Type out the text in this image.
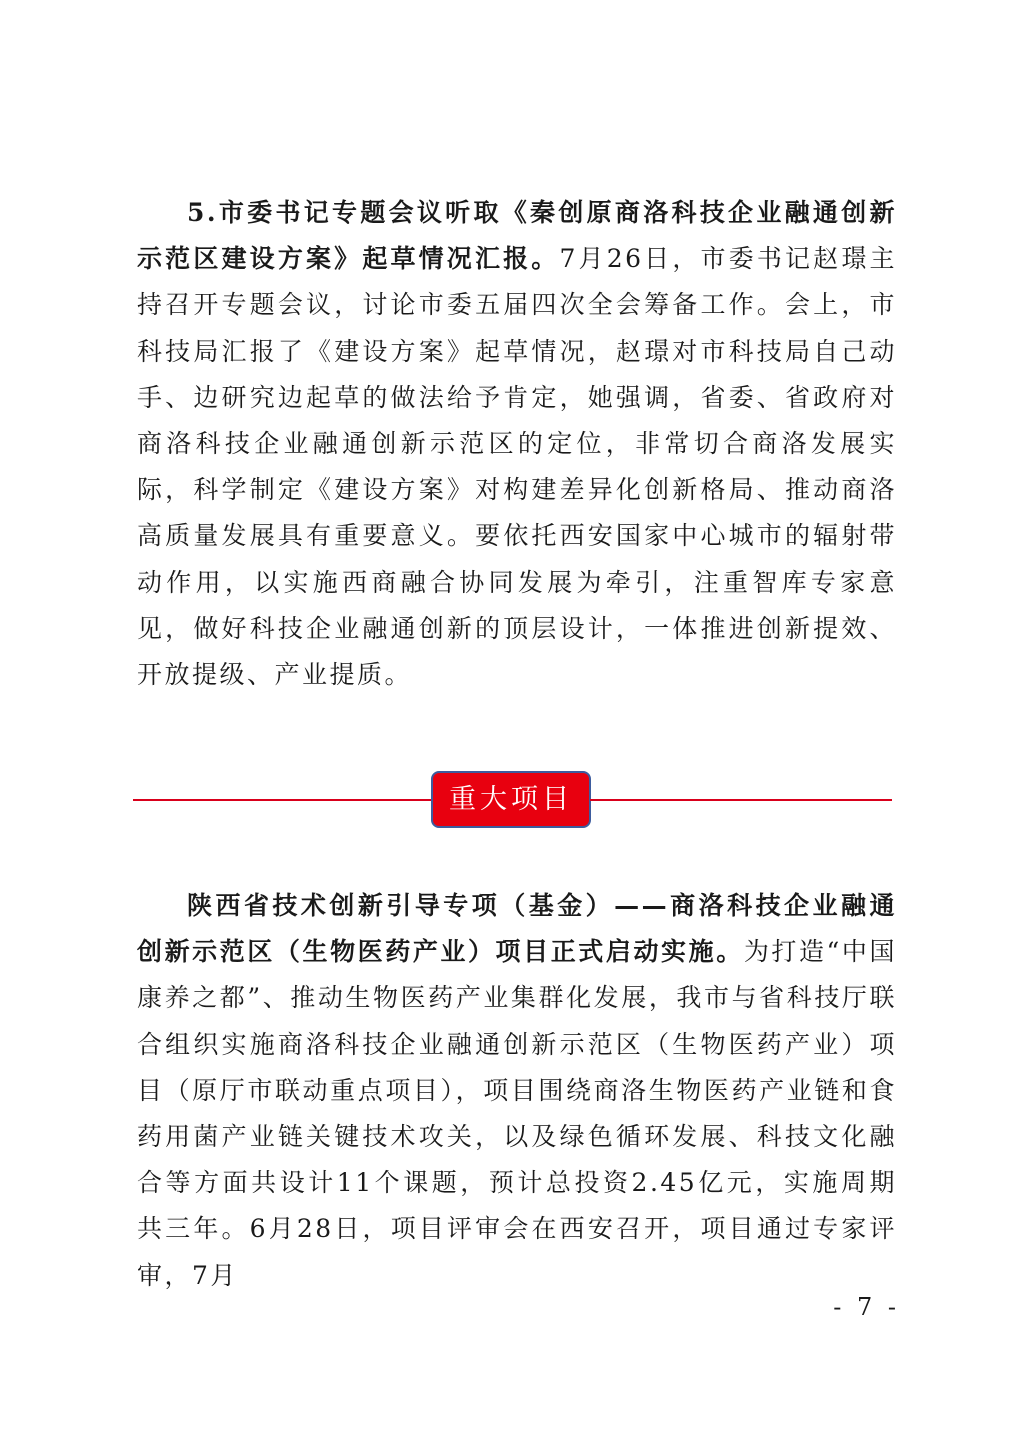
5.市委书记专题会议听取《秦创原商洛科技企业融通创新示范区建设方案》起草情况汇报。7月26日，市委书记赵璟主持召开专题会议，讨论市委五届四次全会筹备工作。会上，市科技局汇报了《建设方案》起草情况，赵璟对市科技局自己动手、边研究边起草的做法给予肯定，她强调，省委、省政府对商洛科技企业融通创新示范区的定位，非常切合商洛发展实际，科学制定《建设方案》对构建差异化创新格局、推动商洛高质量发展具有重要意义。要依托西安国家中心城市的辐射带动作用，以实施西商融合协同发展为牵引，注重智库专家意见，做好科技企业融通创新的顶层设计，一体推进创新提效、开放提级、产业提质。

重大项目

陕西省技术创新引导专项（基金）——商洛科技企业融通创新示范区（生物医药产业）项目正式启动实施。为打造“中国康养之都”、推动生物医药产业集群化发展，我市与省科技厅联合组织实施商洛科技企业融通创新示范区（生物医药产业）项目（原厅市联动重点项目），项目围绕商洛生物医药产业链和食药用菌产业链关键技术攻关，以及绿色循环发展、科技文化融合等方面共设计11个课题，预计总投资2.45亿元，实施周期共三年。6月28日，项目评审会在西安召开，项目通过专家评审，7月

- 7 -
